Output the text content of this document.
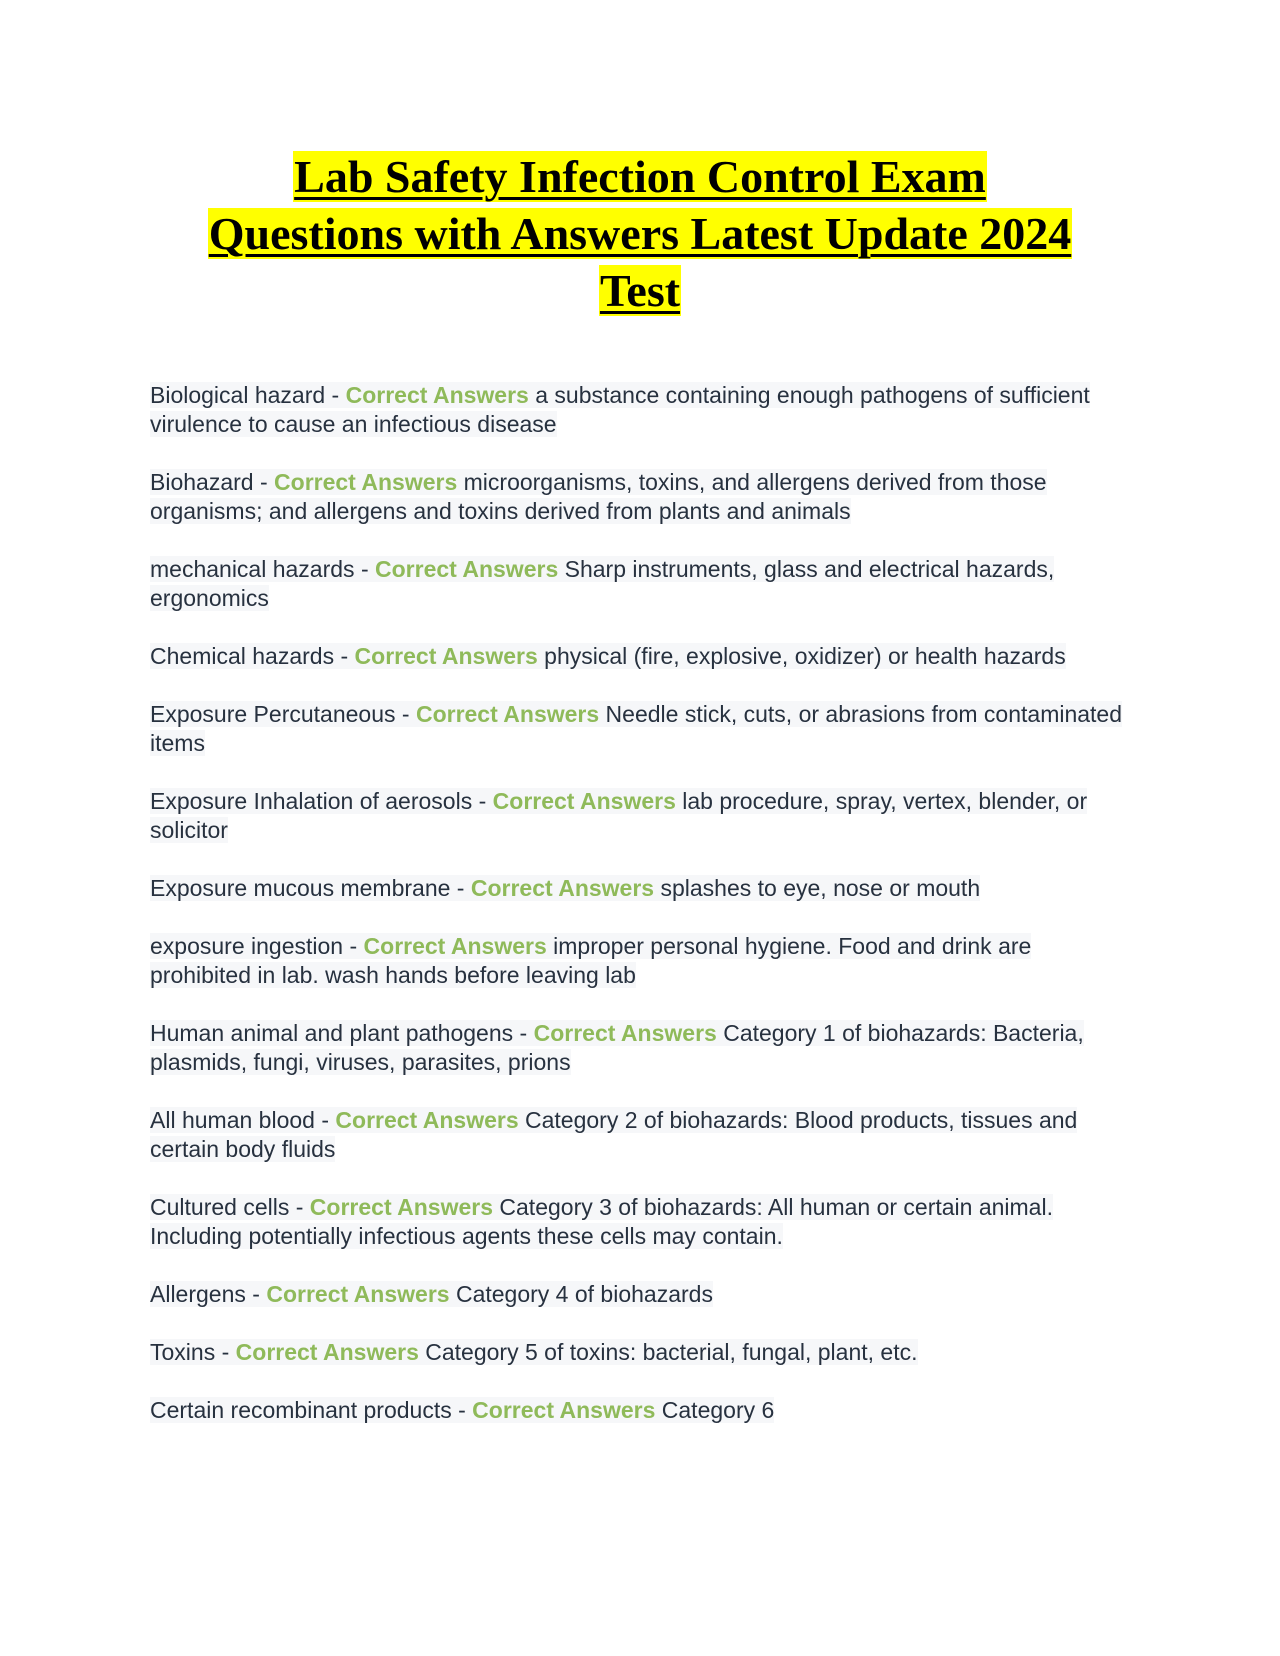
Lab Safety Infection Control Exam
Questions with Answers Latest Update 2024
Test

Biological hazard - Correct Answers a substance containing enough pathogens of sufficient virulence to cause an infectious disease

Biohazard - Correct Answers microorganisms, toxins, and allergens derived from those organisms; and allergens and toxins derived from plants and animals

mechanical hazards - Correct Answers Sharp instruments, glass and electrical hazards, ergonomics

Chemical hazards - Correct Answers physical (fire, explosive, oxidizer) or health hazards

Exposure Percutaneous - Correct Answers Needle stick, cuts, or abrasions from contaminated items

Exposure Inhalation of aerosols - Correct Answers lab procedure, spray, vertex, blender, or solicitor

Exposure mucous membrane - Correct Answers splashes to eye, nose or mouth

exposure ingestion - Correct Answers improper personal hygiene. Food and drink are prohibited in lab. wash hands before leaving lab

Human animal and plant pathogens - Correct Answers Category 1 of biohazards: Bacteria, plasmids, fungi, viruses, parasites, prions

All human blood - Correct Answers Category 2 of biohazards: Blood products, tissues and certain body fluids

Cultured cells - Correct Answers Category 3 of biohazards: All human or certain animal. Including potentially infectious agents these cells may contain.

Allergens - Correct Answers Category 4 of biohazards

Toxins - Correct Answers Category 5 of toxins: bacterial, fungal, plant, etc.

Certain recombinant products - Correct Answers Category 6
